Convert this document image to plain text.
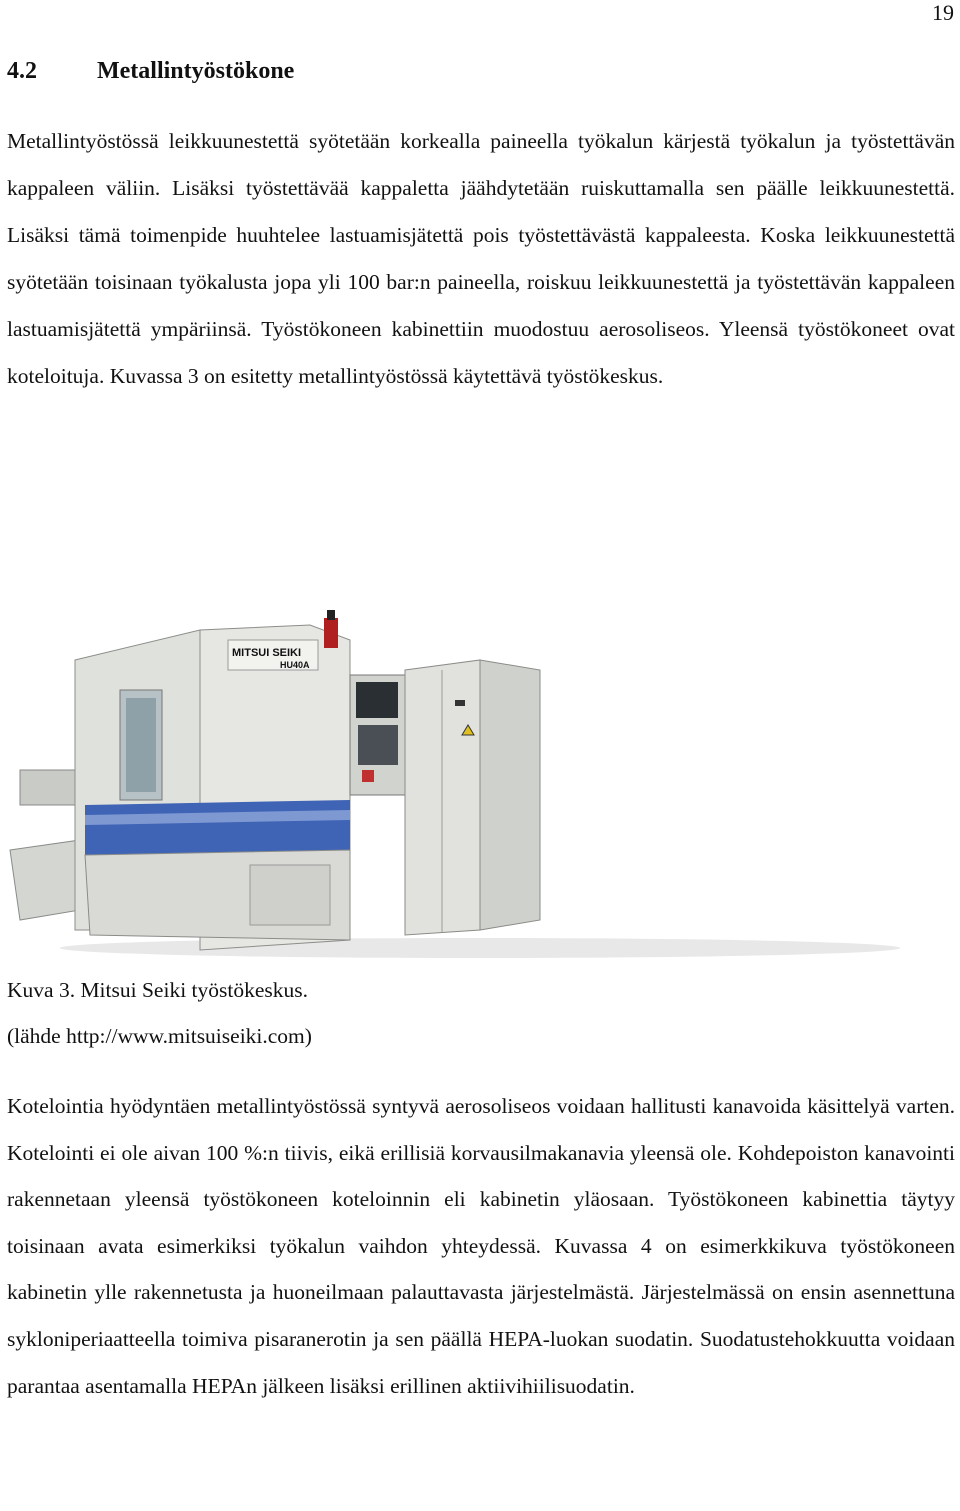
19
4.2	Metallintyöstökone

Metallintyöstössä leikkuunestettä syötetään korkealla paineella työkalun kärjestä työkalun ja työstettävän kappaleen väliin. Lisäksi työstettävää kappaletta jäähdytetään ruiskuttamalla sen päälle leikkuunestettä. Lisäksi tämä toimenpide huuhtelee lastuamisjätettä pois työstettävästä kappaleesta. Koska leikkuunestettä syötetään toisinaan työkalusta jopa yli 100 bar:n paineella, roiskuu leikkuunestettä ja työstettävän kappaleen lastuamisjätettä ympäriinsä. Työstökoneen kabinettiin muodostuu aerosoliseos. Yleensä työstökoneet ovat koteloituja. Kuvassa 3 on esitetty metallintyöstössä käytettävä työstökeskus.

MITSUI SEIKI
HU40A

Kuva 3. Mitsui Seiki työstökeskus.

(lähde http://www.mitsuiseiki.com)

Kotelointia hyödyntäen metallintyöstössä syntyvä aerosoliseos voidaan hallitusti kanavoida käsittelyä varten. Kotelointi ei ole aivan 100 %:n tiivis, eikä erillisiä korvausilmakanavia yleensä ole. Kohdepoiston kanavointi rakennetaan yleensä työstökoneen koteloinnin eli kabinetin yläosaan. Työstökoneen kabinettia täytyy toisinaan avata esimerkiksi työkalun vaihdon yhteydessä. Kuvassa 4 on esimerkkikuva työstökoneen kabinetin ylle rakennetusta ja huoneilmaan palauttavasta järjestelmästä. Järjestelmässä on ensin asennettuna sykloniperiaatteella toimiva pisaranerotin ja sen päällä HEPA-luokan suodatin. Suodatustehokkuutta voidaan parantaa asentamalla HEPAn jälkeen lisäksi erillinen aktiivihiilisuodatin.
